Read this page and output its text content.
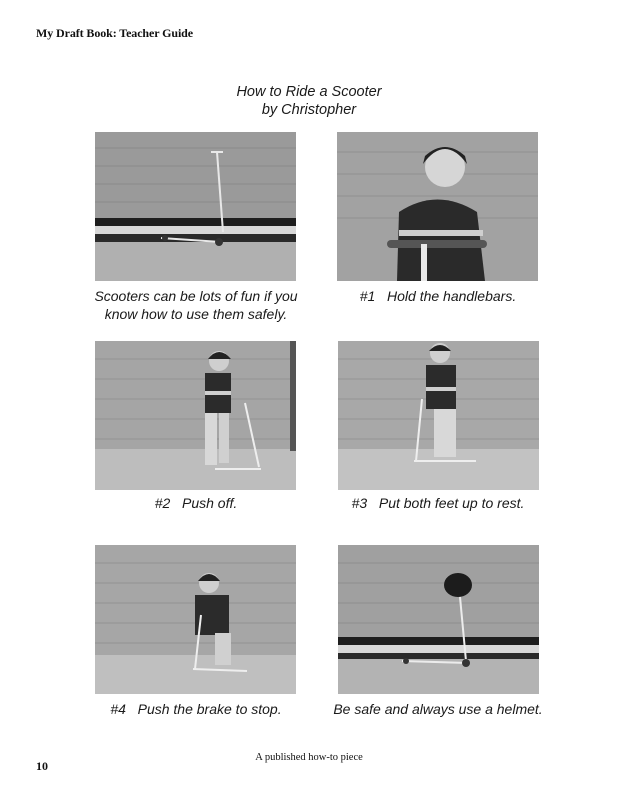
My Draft Book: Teacher Guide
How to Ride a Scooter
by Christopher
Scooters can be lots of fun if you
know how to use them safely.
#1   Hold the handlebars.
#2   Push off.	#3   Put both feet up to rest.
#4   Push the brake to stop.	Be safe and always use a helmet.
A published how-to piece
10
